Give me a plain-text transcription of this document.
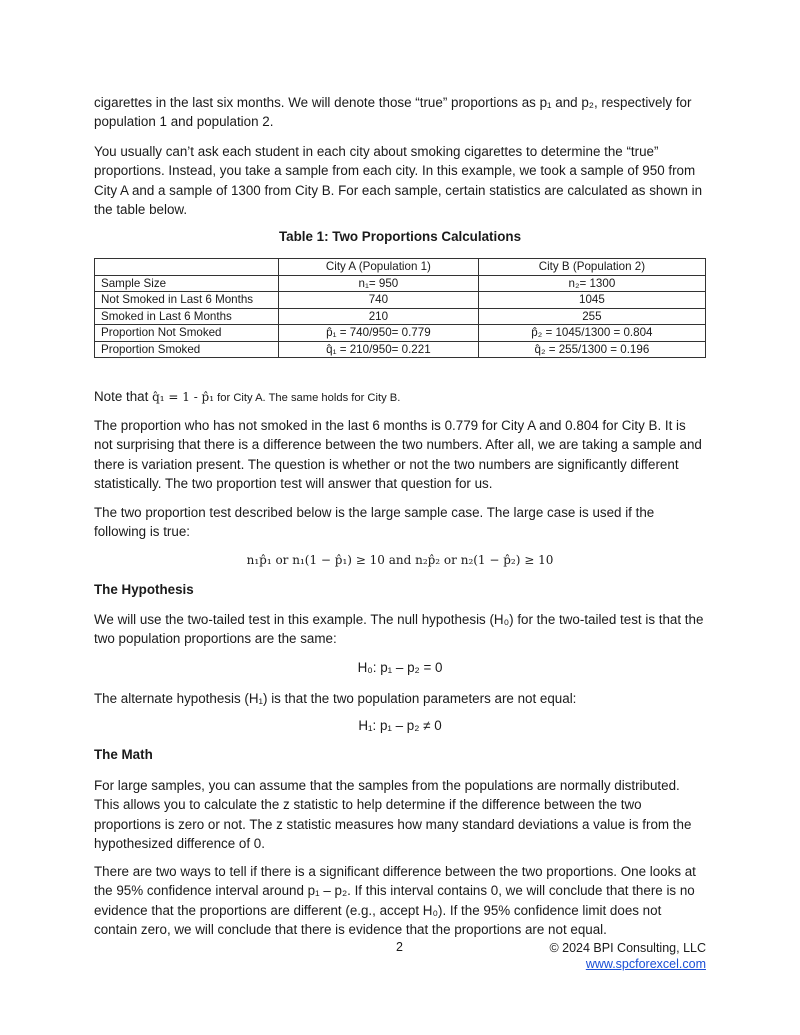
cigarettes in the last six months. We will denote those “true” proportions as p₁ and p₂, respectively for population 1 and population 2.

You usually can’t ask each student in each city about smoking cigarettes to determine the “true” proportions. Instead, you take a sample from each city. In this example, we took a sample of 950 from City A and a sample of 1300 from City B. For each sample, certain statistics are calculated as shown in the table below.

Table 1: Two Proportions Calculations
	City A (Population 1)	City B (Population 2)
Sample Size	n₁= 950	n₂= 1300
Not Smoked in Last 6 Months	740	1045
Smoked in Last 6 Months	210	255
Proportion Not Smoked	p̂₁ = 740/950= 0.779	p̂₂ = 1045/1300 = 0.804
Proportion Smoked	q̂₁ = 210/950= 0.221	q̂₂ = 255/1300 = 0.196
Note that q̂₁ = 1 - p̂₁ for City A. The same holds for City B.

The proportion who has not smoked in the last 6 months is 0.779 for City A and 0.804 for City B. It is not surprising that there is a difference between the two numbers. After all, we are taking a sample and there is variation present. The question is whether or not the two numbers are significantly different statistically. The two proportion test will answer that question for us.

The two proportion test described below is the large sample case. The large case is used if the following is true:

n₁p̂₁ or n₁(1 − p̂₁) ≥ 10 and n₂p̂₂ or n₂(1 − p̂₂) ≥ 10
The Hypothesis

We will use the two-tailed test in this example. The null hypothesis (H₀) for the two-tailed test is that the two population proportions are the same:

H₀: p₁ – p₂ = 0

The alternate hypothesis (H₁) is that the two population parameters are not equal:

H₁: p₁ – p₂ ≠ 0
The Math

For large samples, you can assume that the samples from the populations are normally distributed. This allows you to calculate the z statistic to help determine if the difference between the two proportions is zero or not. The z statistic measures how many standard deviations a value is from the hypothesized difference of 0.

There are two ways to tell if there is a significant difference between the two proportions. One looks at the 95% confidence interval around p₁ – p₂. If this interval contains 0, we will conclude that there is no evidence that the proportions are different (e.g., accept H₀). If the 95% confidence limit does not contain zero, we will conclude that there is evidence that the proportions are not equal.

2	© 2024 BPI Consulting, LLC
www.spcforexcel.com
